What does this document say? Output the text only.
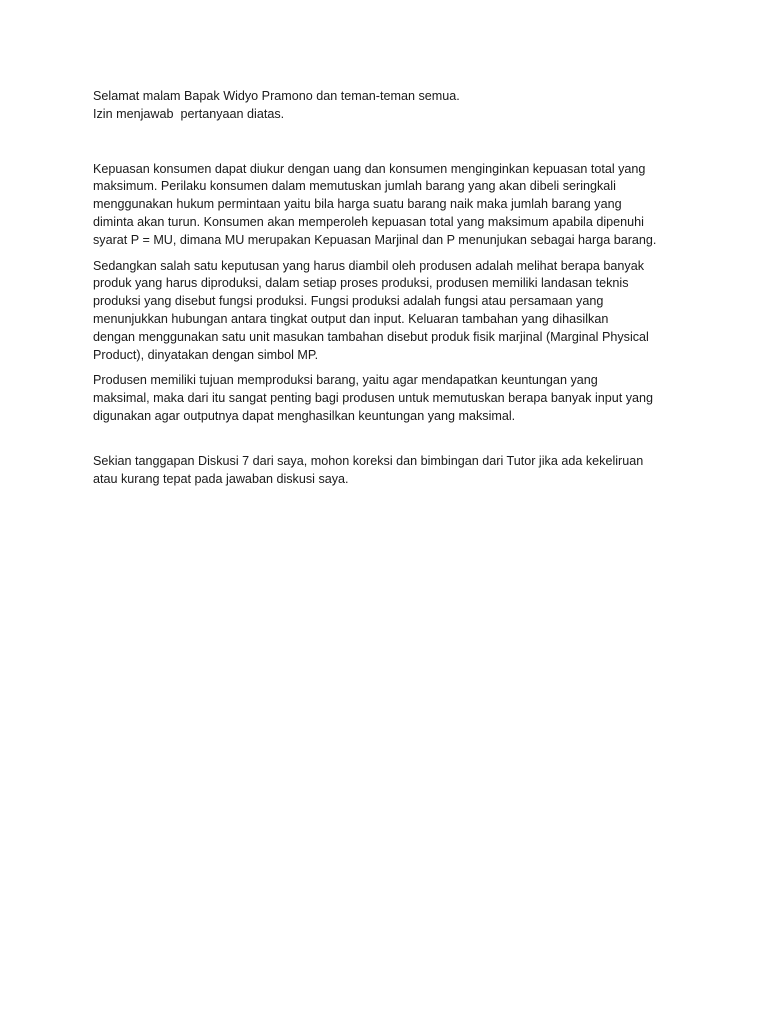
Selamat malam Bapak Widyo Pramono dan teman-teman semua.
Izin menjawab  pertanyaan diatas.

Kepuasan konsumen dapat diukur dengan uang dan konsumen menginginkan kepuasan total yang
maksimum. Perilaku konsumen dalam memutuskan jumlah barang yang akan dibeli seringkali
menggunakan hukum permintaan yaitu bila harga suatu barang naik maka jumlah barang yang
diminta akan turun. Konsumen akan memperoleh kepuasan total yang maksimum apabila dipenuhi
syarat P = MU, dimana MU merupakan Kepuasan Marjinal dan P menunjukan sebagai harga barang.

Sedangkan salah satu keputusan yang harus diambil oleh produsen adalah melihat berapa banyak
produk yang harus diproduksi, dalam setiap proses produksi, produsen memiliki landasan teknis
produksi yang disebut fungsi produksi. Fungsi produksi adalah fungsi atau persamaan yang
menunjukkan hubungan antara tingkat output dan input. Keluaran tambahan yang dihasilkan
dengan menggunakan satu unit masukan tambahan disebut produk fisik marjinal (Marginal Physical
Product), dinyatakan dengan simbol MP.

Produsen memiliki tujuan memproduksi barang, yaitu agar mendapatkan keuntungan yang
maksimal, maka dari itu sangat penting bagi produsen untuk memutuskan berapa banyak input yang
digunakan agar outputnya dapat menghasilkan keuntungan yang maksimal.

Sekian tanggapan Diskusi 7 dari saya, mohon koreksi dan bimbingan dari Tutor jika ada kekeliruan
atau kurang tepat pada jawaban diskusi saya.
